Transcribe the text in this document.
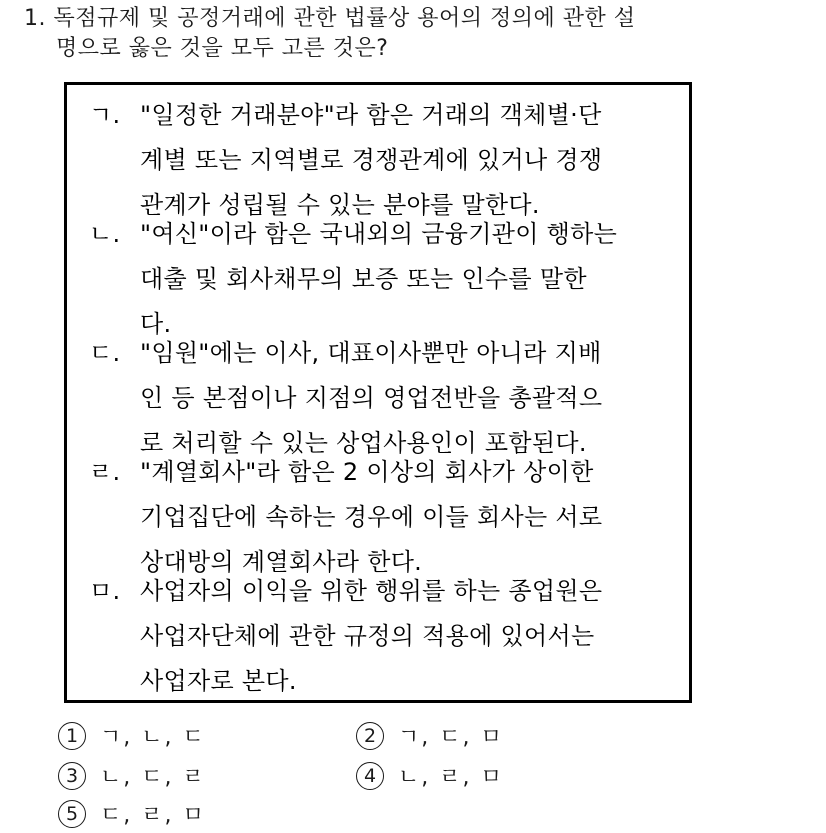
1. 독점규제 및 공정거래에 관한 법률상 용어의 정의에 관한 설
명으로 옳은 것을 모두 고른 것은?
ㄱ. "일정한 거래분야"라 함은 거래의 객체별·단
계별 또는 지역별로 경쟁관계에 있거나 경쟁
관계가 성립될 수 있는 분야를 말한다.
ㄴ. "여신"이라 함은 국내외의 금융기관이 행하는
대출 및 회사채무의 보증 또는 인수를 말한
다.
ㄷ. "임원"에는 이사, 대표이사뿐만 아니라 지배
인 등 본점이나 지점의 영업전반을 총괄적으
로 처리할 수 있는 상업사용인이 포함된다.
ㄹ. "계열회사"라 함은 2 이상의 회사가 상이한
기업집단에 속하는 경우에 이들 회사는 서로
상대방의 계열회사라 한다.
ㅁ. 사업자의 이익을 위한 행위를 하는 종업원은
사업자단체에 관한 규정의 적용에 있어서는
사업자로 본다.
1 ㄱ, ㄴ, ㄷ	2 ㄱ, ㄷ, ㅁ
3 ㄴ, ㄷ, ㄹ	4 ㄴ, ㄹ, ㅁ
5 ㄷ, ㄹ, ㅁ
